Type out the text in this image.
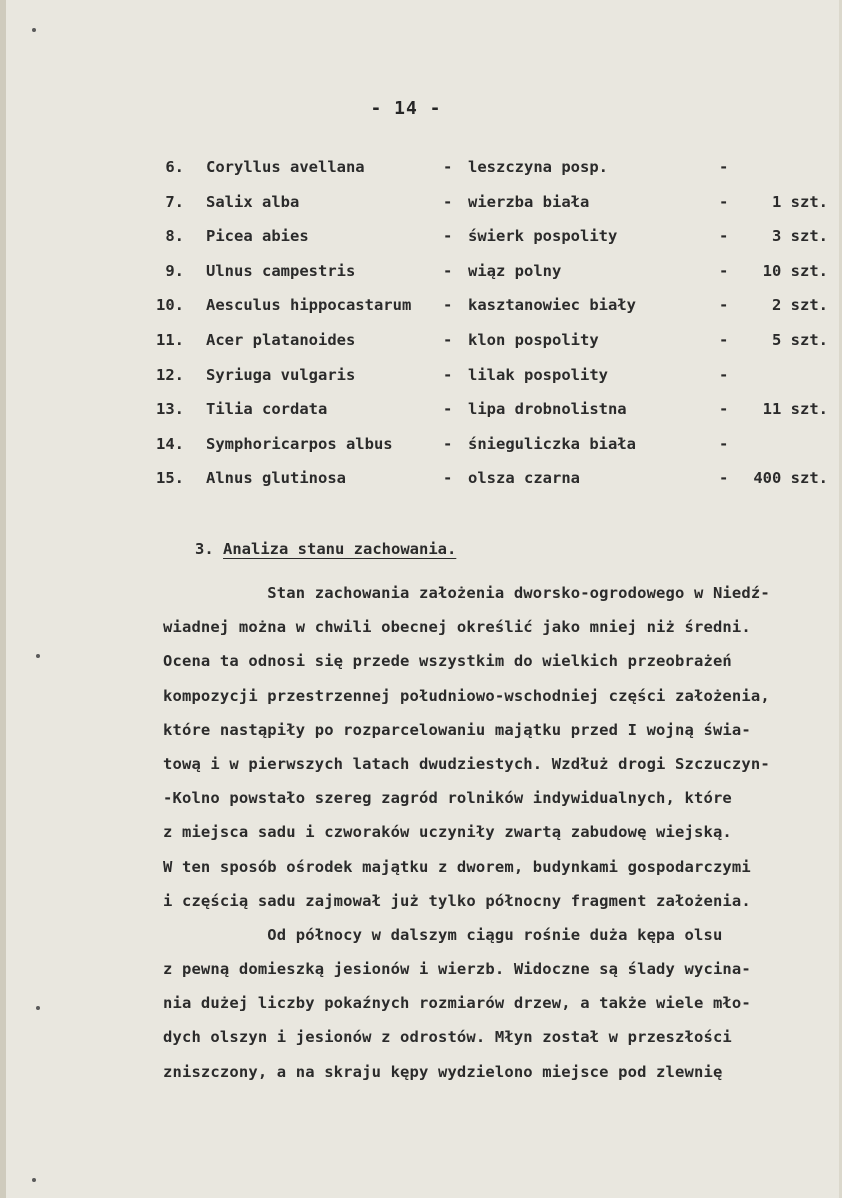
- 14 -
6. Coryllus avellana	- leszczyna posp.	-
7. Salix alba	- wierzba biała	-	1 szt.
8. Picea abies	- świerk pospolity	-	3 szt.
9. Ulnus campestris	- wiąz polny	-	10 szt.
10. Aesculus hippocastarum - kasztanowiec biały	-	2 szt.
11. Acer platanoides	- klon pospolity	-	5 szt.
12. Syriuga vulgaris	- lilak pospolity	-
13. Tilia cordata	- lipa drobnolistna	-	11 szt.
14. Symphoricarpos albus	- śnieguliczka biała	-
15. Alnus glutinosa	- olsza czarna	-	400 szt.
3. Analiza stanu zachowania.
Stan zachowania założenia dworsko-ogrodowego w Niedź-
wiadnej można w chwili obecnej określić jako mniej niż średni.
Ocena ta odnosi się przede wszystkim do wielkich przeobrażeń
kompozycji przestrzennej południowo-wschodniej części założenia,
które nastąpiły po rozparcelowaniu majątku przed I wojną świa-
tową i w pierwszych latach dwudziestych. Wzdłuż drogi Szczuczyn-
-Kolno powstało szereg zagród rolników indywidualnych, które
z miejsca sadu i czworaków uczyniły zwartą zabudowę wiejską.
W ten sposób ośrodek majątku z dworem, budynkami gospodarczymi
i częścią sadu zajmował już tylko północny fragment założenia.
Od północy w dalszym ciągu rośnie duża kępa olsu
z pewną domieszką jesionów i wierzb. Widoczne są ślady wycina-
nia dużej liczby pokaźnych rozmiarów drzew, a także wiele mło-
dych olszyn i jesionów z odrostów. Młyn został w przeszłości
zniszczony, a na skraju kępy wydzielono miejsce pod zlewnię
